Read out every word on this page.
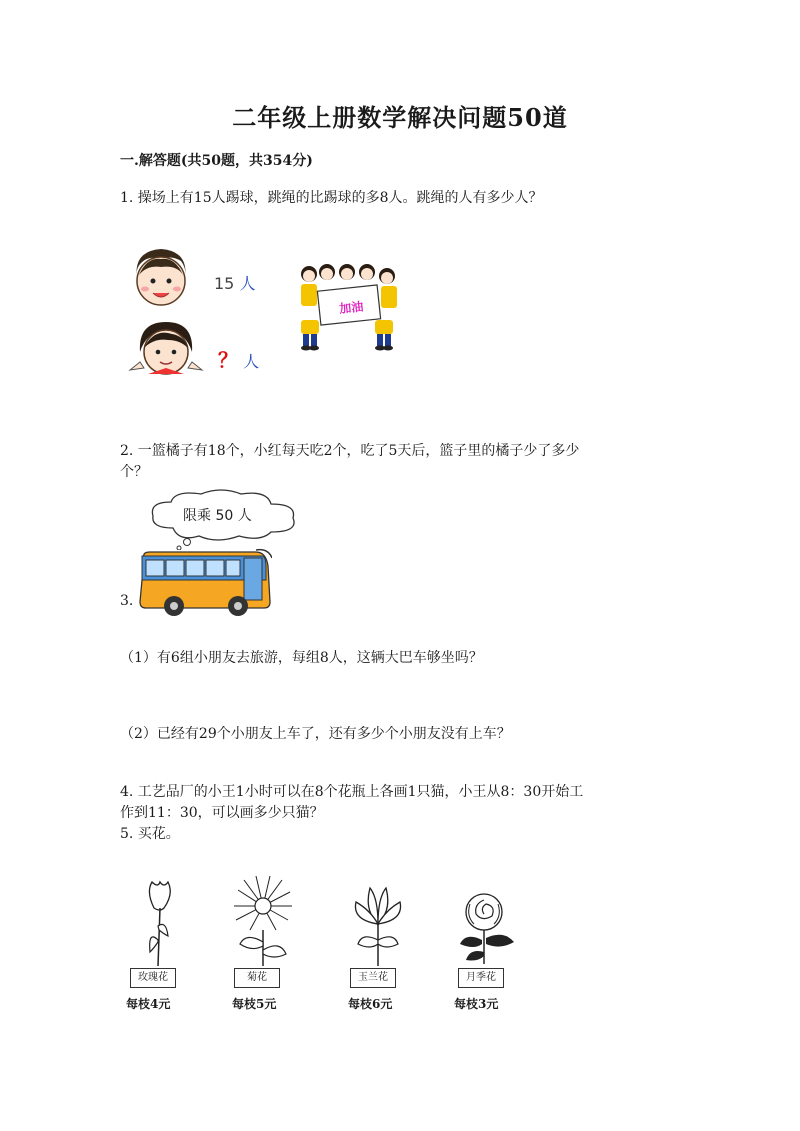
二年级上册数学解决问题50道
一.解答题(共50题，共354分)
1. 操场上有15人踢球，跳绳的比踢球的多8人。跳绳的人有多少人？
15 人
？ 人
加油
2. 一篮橘子有18个，小红每天吃2个，吃了5天后，篮子里的橘子少了多少
个？
限乘 50 人
3.
（1）有6组小朋友去旅游，每组8人，这辆大巴车够坐吗？
（2）已经有29个小朋友上车了，还有多少个小朋友没有上车？
4. 工艺品厂的小王1小时可以在8个花瓶上各画1只猫，小王从8：30开始工
作到11：30，可以画多少只猫？
5. 买花。
玫瑰花	菊花	玉兰花	月季花
每枝4元	每枝5元	每枝6元	每枝3元
